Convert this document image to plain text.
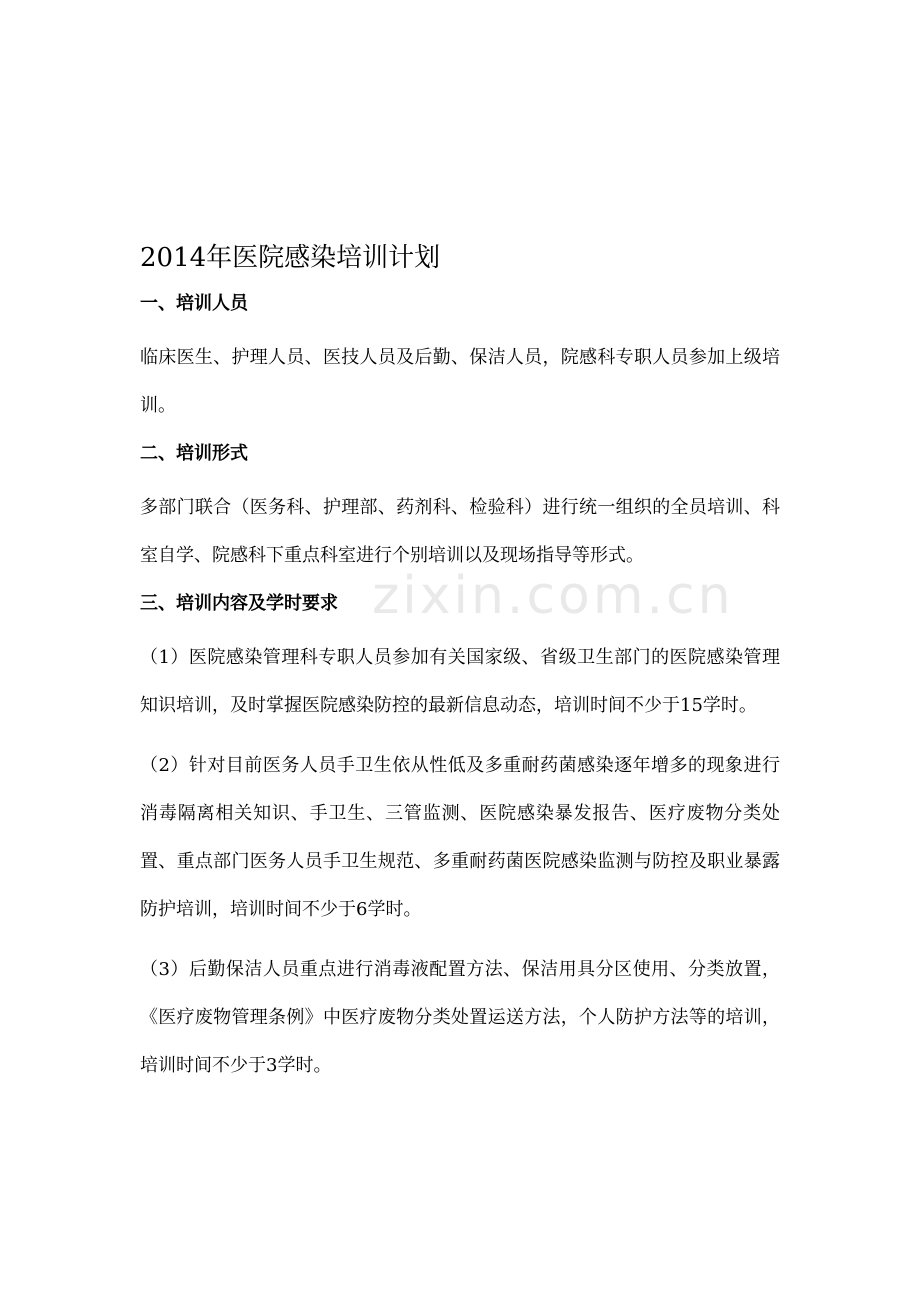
zixin.com.cn
2014年医院感染培训计划
一、培训人员

临床医生、护理人员、医技人员及后勤、保洁人员，院感科专职人员参加上级培训。

二、培训形式

多部门联合（医务科、护理部、药剂科、检验科）进行统一组织的全员培训、科室自学、院感科下重点科室进行个别培训以及现场指导等形式。

三、培训内容及学时要求

（1）医院感染管理科专职人员参加有关国家级、省级卫生部门的医院感染管理知识培训，及时掌握医院感染防控的最新信息动态，培训时间不少于15学时。

（2）针对目前医务人员手卫生依从性低及多重耐药菌感染逐年增多的现象进行消毒隔离相关知识、手卫生、三管监测、医院感染暴发报告、医疗废物分类处置、重点部门医务人员手卫生规范、多重耐药菌医院感染监测与防控及职业暴露防护培训，培训时间不少于6学时。

（3）后勤保洁人员重点进行消毒液配置方法、保洁用具分区使用、分类放置，《医疗废物管理条例》中医疗废物分类处置运送方法，个人防护方法等的培训，培训时间不少于3学时。
